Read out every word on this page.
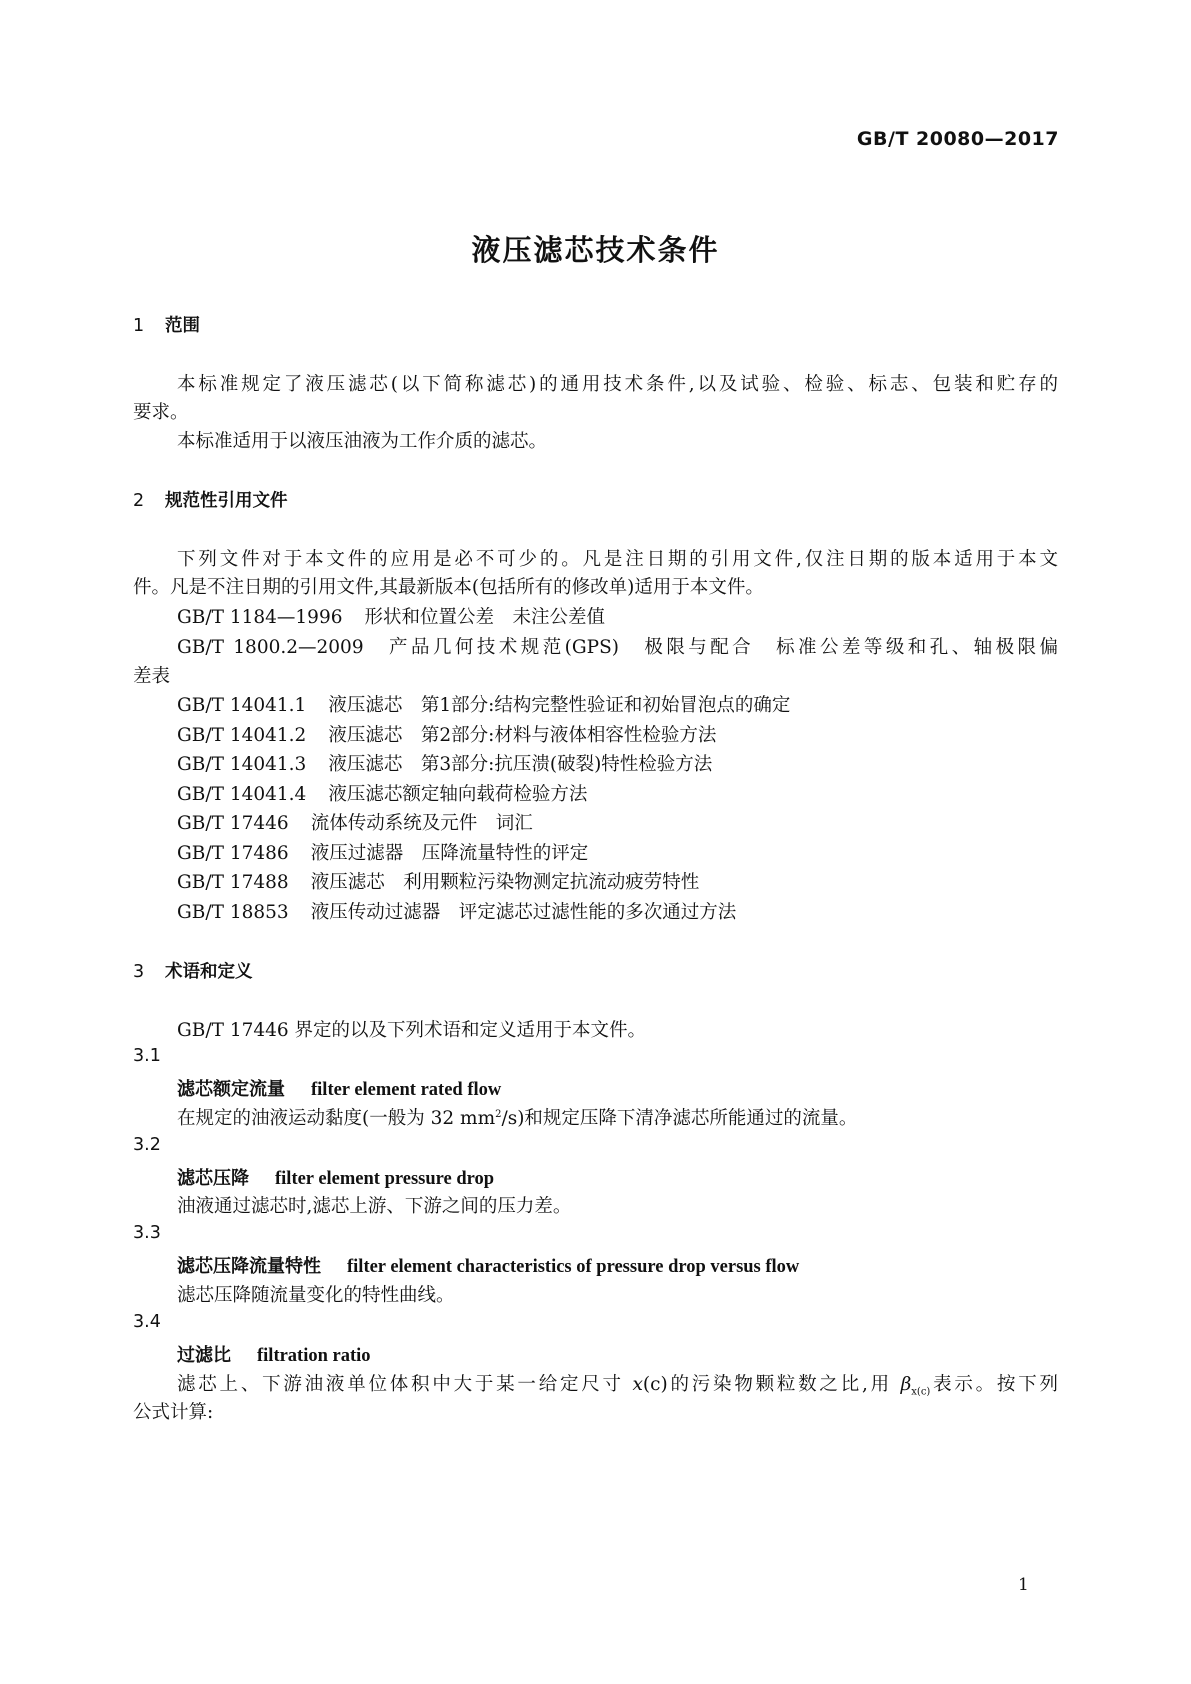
GB/T 20080—2017
液压滤芯技术条件
1 范围
本标准规定了液压滤芯(以下简称滤芯)的通用技术条件,以及试验、检验、标志、包装和贮存的
要求。
本标准适用于以液压油液为工作介质的滤芯。
2 规范性引用文件
下列文件对于本文件的应用是必不可少的。凡是注日期的引用文件,仅注日期的版本适用于本文
件。凡是不注日期的引用文件,其最新版本(包括所有的修改单)适用于本文件。
GB/T 1184—1996 形状和位置公差　未注公差值
GB/T 1800.2—2009 产品几何技术规范(GPS)　极限与配合　标准公差等级和孔、轴极限偏
差表
GB/T 14041.1 液压滤芯　第1部分:结构完整性验证和初始冒泡点的确定
GB/T 14041.2 液压滤芯　第2部分:材料与液体相容性检验方法
GB/T 14041.3 液压滤芯　第3部分:抗压溃(破裂)特性检验方法
GB/T 14041.4 液压滤芯额定轴向载荷检验方法
GB/T 17446 流体传动系统及元件　词汇
GB/T 17486 液压过滤器　压降流量特性的评定
GB/T 17488 液压滤芯　利用颗粒污染物测定抗流动疲劳特性
GB/T 18853 液压传动过滤器　评定滤芯过滤性能的多次通过方法
3 术语和定义
GB/T 17446 界定的以及下列术语和定义适用于本文件。
3.1
滤芯额定流量 filter element rated flow
在规定的油液运动黏度(一般为 32 $mm^2/s$)和规定压降下清净滤芯所能通过的流量。
3.2
滤芯压降 filter element pressure drop
油液通过滤芯时,滤芯上游、下游之间的压力差。
3.3
滤芯压降流量特性 filter element characteristics of pressure drop versus flow
滤芯压降随流量变化的特性曲线。
3.4
过滤比 filtration ratio
滤芯上、下游油液单位体积中大于某一给定尺寸 x(c)的污染物颗粒数之比,用 $\beta_{x(c)}$表示。按下列
公式计算:
1
